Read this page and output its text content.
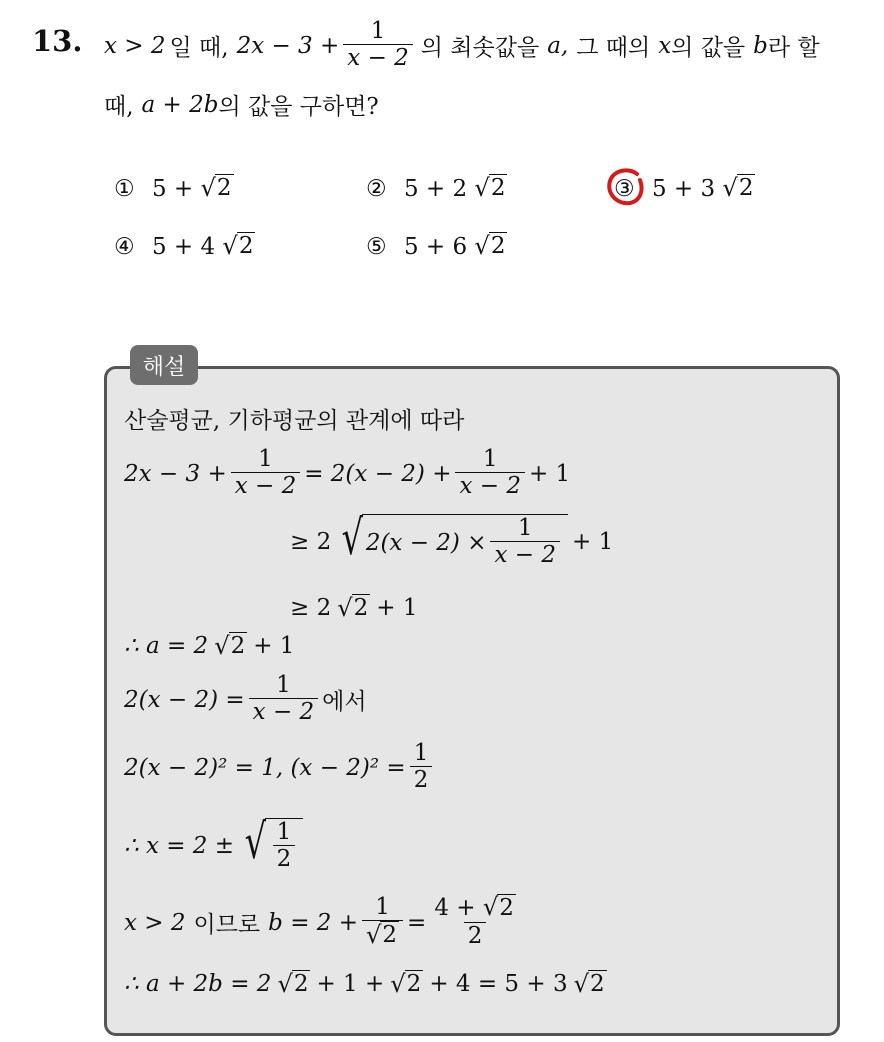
13. x > 2 일 때, $2x - 3 + \frac{1}{x - 2}$ 의 최솟값을 a, 그 때의 x 의 값을 b 라 할
때, a + 2b 의 값을 구하면?
① 5 + √ 2	② 5 + 2 √ 2	③ 5 + 3 √ 2
④ 5 + 4 √ 2	⑤ 5 + 6 √ 2
해설
산술평균, 기하평균의 관계에 따라
$2x - 3 + \frac{1}{x - 2} = 2(x - 2) + \frac{1}{x - 2} + 1$
≥ 2 √ $2(x - 2) \times \frac{1}{x - 2} + 1$
≥ 2 √ 2 + 1
∴ a = 2 √ 2 + 1
$2(x - 2) = \frac{1}{x - 2}$ 에서
2(x − 2)² = 1, $(x - 2)^2 = \frac{1}{2}$
∴ x = 2 ± √ $\frac{1}{2}$
x > 2 이므로 $b = 2 + \frac{1}{√ 2} = \frac{4 + √ 2}{2}$
∴ a + 2b = 2 √ 2 + 1 + √ 2 + 4 = 5 + 3 √ 2
